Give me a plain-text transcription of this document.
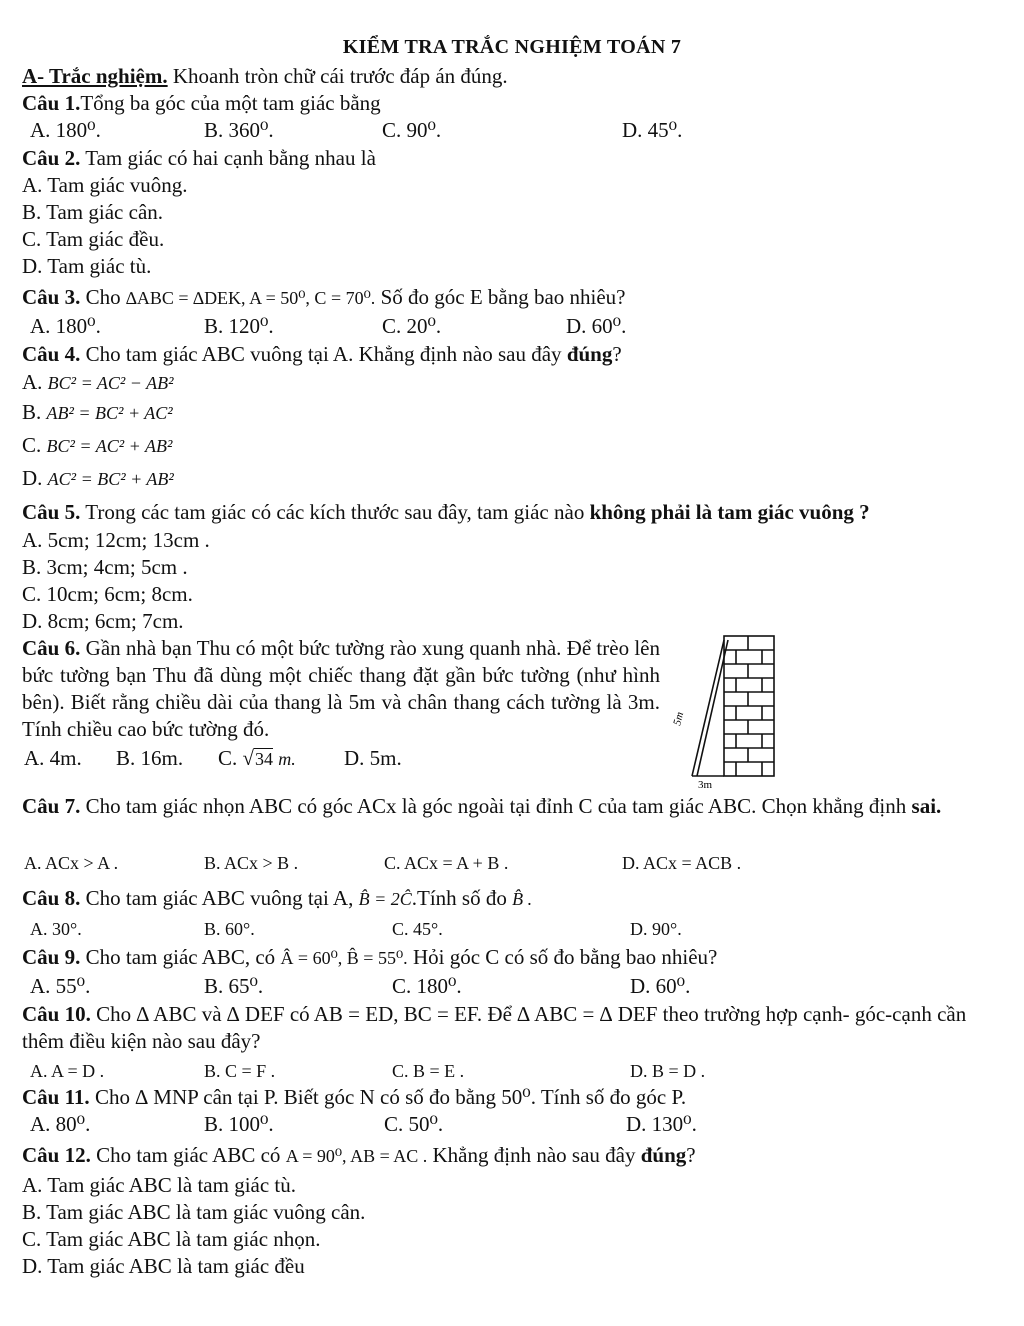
KIỂM TRA TRẮC NGHIỆM TOÁN 7
A- Trắc nghiệm. Khoanh tròn chữ cái trước đáp án đúng.
Câu 1.Tổng ba góc của một tam giác bằng
A. 180⁰.	B. 360⁰.	C. 90⁰.	D. 45⁰.
Câu 2. Tam giác có hai cạnh bằng nhau là
A. Tam giác vuông.
B. Tam giác cân.
C. Tam giác đều.
D. Tam giác tù.
Câu 3. Cho ∆ABC = ∆DEK, A = 50⁰, C = 70⁰. Số đo góc E bằng bao nhiêu?
A. 180⁰.	B. 120⁰.	C. 20⁰.	D. 60⁰.
Câu 4. Cho tam giác ABC vuông tại A. Khẳng định nào sau đây đúng?
A. BC² = AC² − AB²
B. AB² = BC² + AC²
C. BC² = AC² + AB²
D. AC² = BC² + AB²
Câu 5. Trong các tam giác có các kích thước sau đây, tam giác nào không phải là tam giác vuông ?
A. 5cm; 12cm; 13cm .
B. 3cm; 4cm; 5cm .
C. 10cm; 6cm; 8cm.
D. 8cm; 6cm; 7cm.
Câu 6. Gần nhà bạn Thu có một bức tường rào xung quanh nhà. Để trèo lên bức tường bạn Thu đã dùng một chiếc thang đặt gần bức tường (như hình bên). Biết rằng chiều dài của thang là 5m và chân thang cách tường là 3m. Tính chiều cao bức tường đó.
A. 4m. B. 16m. C. √34 m. D. 5m.
5m
3m
Câu 7. Cho tam giác nhọn ABC có góc ACx là góc ngoài tại đỉnh C của tam giác ABC. Chọn khẳng định sai.
A. ACx > A .	B. ACx > B .	C. ACx = A + B .	D. ACx = ACB .
Câu 8. Cho tam giác ABC vuông tại A, B̂ = 2Ĉ.Tính số đo B̂ .
A. 30°.	B. 60°.	C. 45°.	D. 90°.
Câu 9. Cho tam giác ABC, có Â = 60⁰, B̂ = 55⁰. Hỏi góc C có số đo bằng bao nhiêu?
A. 55⁰.	B. 65⁰.	C. 180⁰.	D. 60⁰.
Câu 10. Cho ∆ ABC và ∆ DEF có AB = ED, BC = EF. Để ∆ ABC = ∆ DEF theo trường hợp cạnh- góc-cạnh cần thêm điều kiện nào sau đây?
A. A = D .	B. C = F .	C. B = E .	D. B = D .
Câu 11. Cho ∆ MNP cân tại P. Biết góc N có số đo bằng 50⁰. Tính số đo góc P.
A. 80⁰.	B. 100⁰.	C. 50⁰.	D. 130⁰.
Câu 12. Cho tam giác ABC có A = 90⁰, AB = AC . Khẳng định nào sau đây đúng?
A. Tam giác ABC là tam giác tù.
B. Tam giác ABC là tam giác vuông cân.
C. Tam giác ABC là tam giác nhọn.
D. Tam giác ABC là tam giác đều
